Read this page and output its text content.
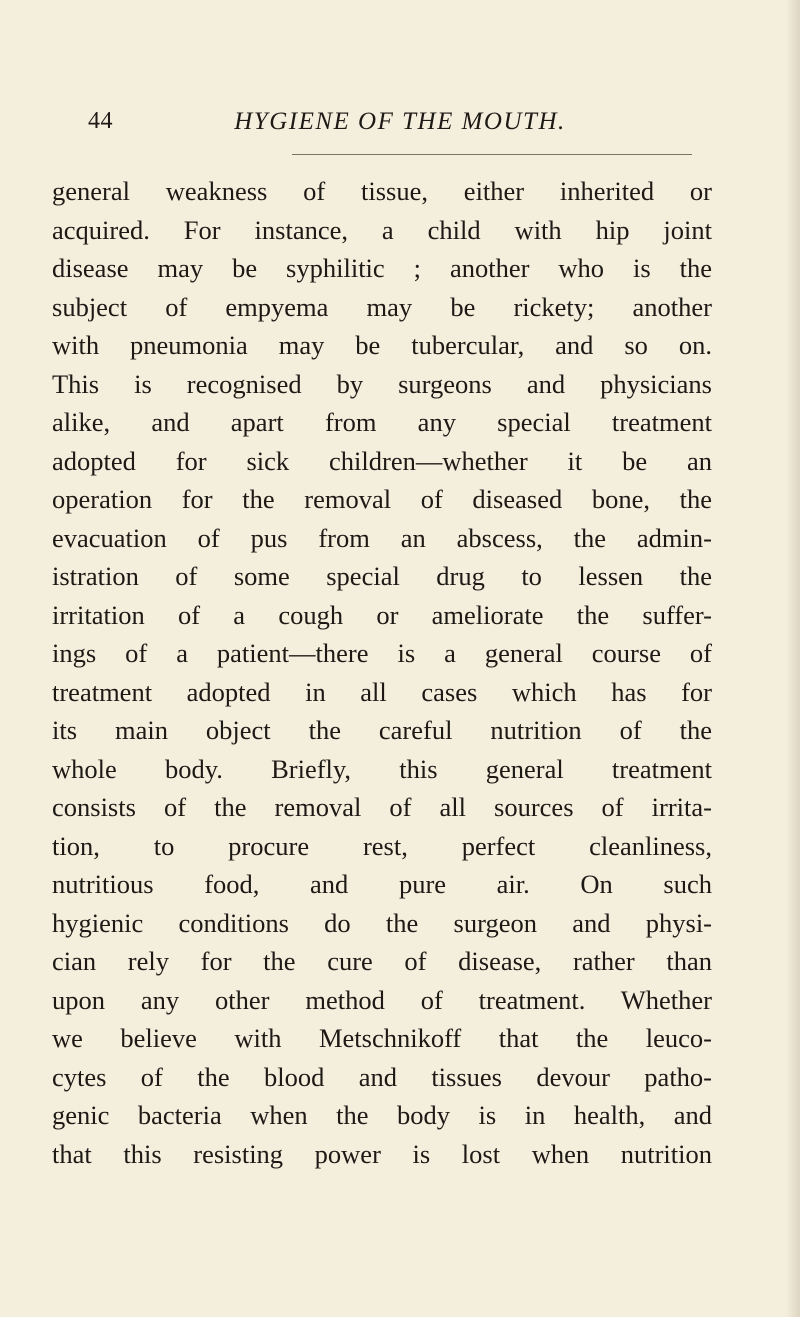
44	HYGIENE OF THE MOUTH.
general weakness of tissue, either inherited or
acquired. For instance, a child with hip joint
disease may be syphilitic ; another who is the
subject of empyema may be rickety; another
with pneumonia may be tubercular, and so on.
This is recognised by surgeons and physicians
alike, and apart from any special treatment
adopted for sick children—whether it be an
operation for the removal of diseased bone, the
evacuation of pus from an abscess, the admin-
istration of some special drug to lessen the
irritation of a cough or ameliorate the suffer-
ings of a patient—there is a general course of
treatment adopted in all cases which has for
its main object the careful nutrition of the
whole body. Briefly, this general treatment
consists of the removal of all sources of irrita-
tion, to procure rest, perfect cleanliness,
nutritious food, and pure air. On such
hygienic conditions do the surgeon and physi-
cian rely for the cure of disease, rather than
upon any other method of treatment. Whether
we believe with Metschnikoff that the leuco-
cytes of the blood and tissues devour patho-
genic bacteria when the body is in health, and
that this resisting power is lost when nutrition
